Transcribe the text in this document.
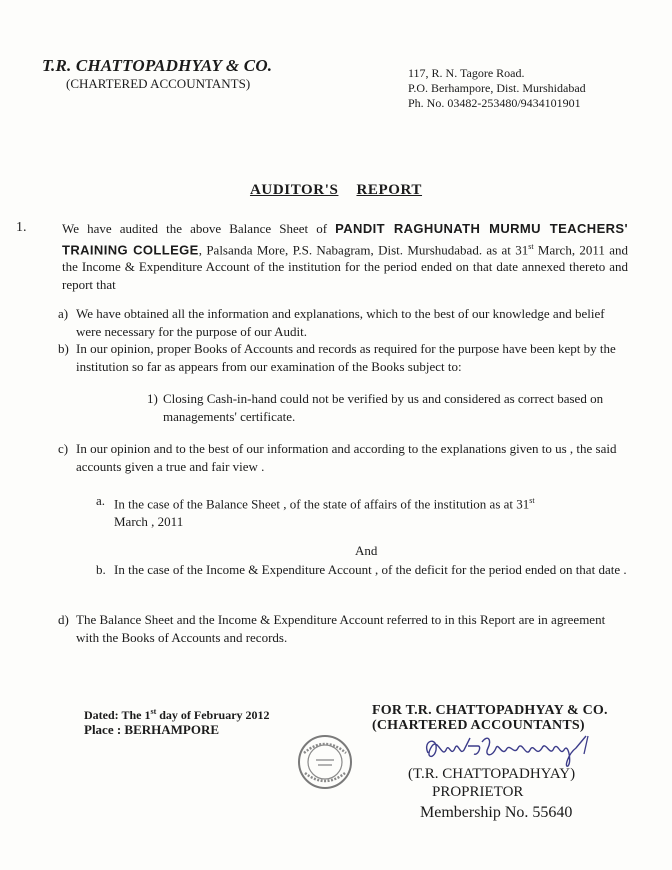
T.R. CHATTOPADHYAY & CO.
(CHARTERED ACCOUNTANTS)
117, R. N. Tagore Road.
P.O. Berhampore, Dist. Murshidabad
Ph. No. 03482-253480/9434101901
AUDITOR'S REPORT
1.	We have audited the above Balance Sheet of PANDIT RAGHUNATH MURMU TEACHERS' TRAINING COLLEGE, Palsanda More, P.S. Nabagram, Dist. Murshudabad. as at 31st March, 2011 and the Income & Expenditure Account of the institution for the period ended on that date annexed thereto and report that
a) We have obtained all the information and explanations, which to the best of our knowledge and belief were necessary for the purpose of our Audit.
b) In our opinion, proper Books of Accounts and records as required for the purpose have been kept by the institution so far as appears from our examination of the Books subject to:
1) Closing Cash-in-hand could not be verified by us and considered as correct based on managements' certificate.
c) In our opinion and to the best of our information and according to the explanations given to us , the said accounts given a true and fair view .
a. In the case of the Balance Sheet , of the state of affairs of the institution as at 31st
March , 2011
And
b. In the case of the Income & Expenditure Account , of the deficit for the period ended on that date .
d) The Balance Sheet and the Income & Expenditure Account referred to in this Report are in agreement with the Books of Accounts and records.
Dated: The 1st day of February 2012
Place : BERHAMPORE
FOR T.R. CHATTOPADHYAY & CO.
(CHARTERED ACCOUNTANTS)
(T.R. CHATTOPADHYAY)
PROPRIETOR
Membership No. 55640
